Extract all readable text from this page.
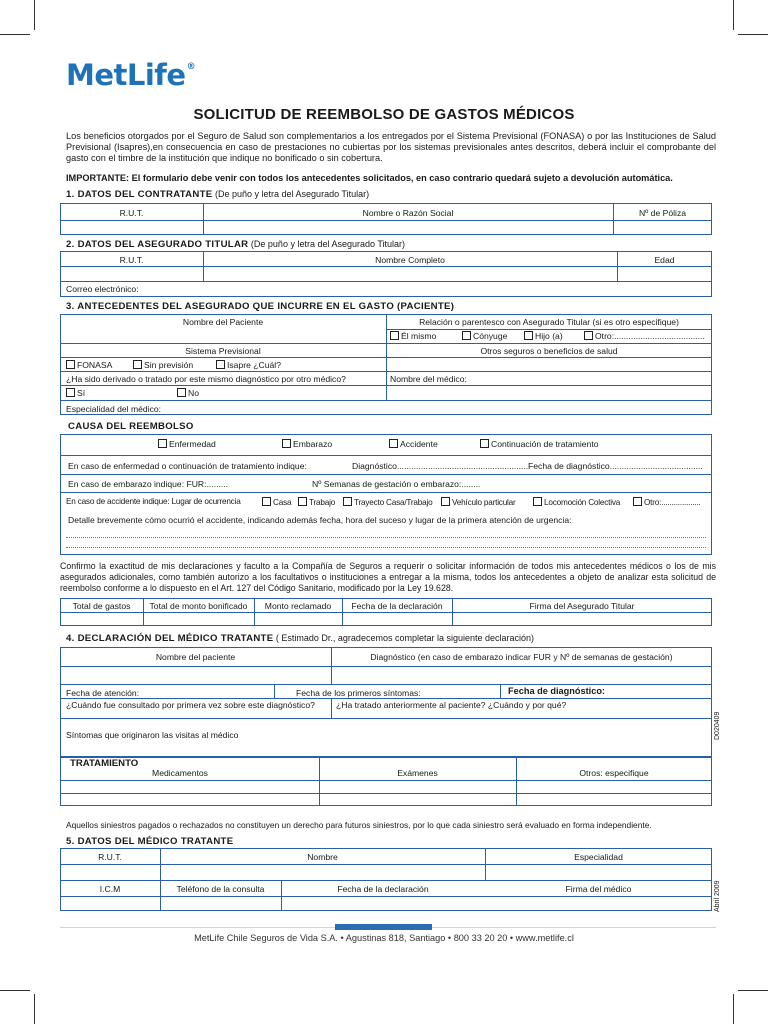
MetLife®
SOLICITUD DE REEMBOLSO DE GASTOS MÉDICOS
Los beneficios otorgados por el Seguro de Salud son complementarios a los entregados por el Sistema Previsional (FONASA) o por las Instituciones de Salud Previsional (Isapres),en consecuencia en caso de prestaciones no cubiertas por los sistemas previsionales antes descritos, deberá incluir el comprobante del gasto con el timbre de la institución que indique no bonificado o sin cobertura.
IMPORTANTE: El formulario debe venir con todos los antecedentes solicitados, en caso contrario quedará sujeto a devolución automática.
1. DATOS DEL CONTRATANTE (De puño y letra del Asegurado Titular)
R.U.T.	Nombre o Razón Social	Nº de Póliza
2. DATOS DEL ASEGURADO TITULAR (De puño y letra del Asegurado Titular)
R.U.T.	Nombre Completo	Edad
Correo electrónico:
3. ANTECEDENTES DEL ASEGURADO QUE INCURRE EN EL GASTO (PACIENTE)
Nombre del Paciente	Relación o parentesco con Asegurado Titular (si es otro especifique)
Él mismo	Cónyuge	Hijo (a)	Otro:......................................
Sistema Previsional	Otros seguros o beneficios de salud
FONASA	Sin previsión	Isapre ¿Cuál?
¿Ha sido derivado o tratado por este mismo diagnóstico por otro médico?	Nombre del médico:
Sí	No
Especialidad del médico:
CAUSA DEL REEMBOLSO
Enfermedad	Embarazo	Accidente	Continuación de tratamiento
En caso de enfermedad o continuación de tratamiento indique:	Diagnóstico....................................................... Fecha de diagnóstico.......................................
En caso de embarazo indique: FUR:.........	Nº Semanas de gestación o embarazo:........
En caso de accidente indique: Lugar de ocurrencia	Casa	Trabajo	Trayecto Casa/Trabajo	Vehículo particular	Locomoción Colectiva	Otro:...................
Detalle brevemente cómo ocurrió el accidente, indicando además fecha, hora del suceso y lugar de la primera atención de urgencia:
Confirmo la exactitud de mis declaraciones y faculto a la Compañía de Seguros a requerir o solicitar información de todos mis antecedentes médicos o los de mis asegurados adicionales, como también autorizo a los facultativos o instituciones a entregar a la misma, todos los antecedentes a objeto de analizar esta solicitud de reembolso conforme a lo dispuesto en el Art. 127 del Código Sanitario, modificado por la Ley 19.628.
Total de gastos	Total de monto bonificado	Monto reclamado	Fecha de la declaración	Firma del Asegurado Titular
4. DECLARACIÓN DEL MÉDICO TRATANTE ( Estimado Dr., agradecemos completar la siguiente declaración)
Nombre del paciente	Diagnóstico (en caso de embarazo indicar FUR y Nº de semanas de gestación)
Fecha de atención:	Fecha de los primeros síntomas:	Fecha de diagnóstico:
¿Cuándo fue consultado por primera vez sobre este diagnóstico? ¿Ha tratado anteriormente al paciente? ¿Cuándo y por qué?
Síntomas que originaron las visitas al médico
TRATAMIENTO
Medicamentos	Exámenes	Otros: especifique
Aquellos siniestros pagados o rechazados no constituyen un derecho para futuros siniestros, por lo que cada siniestro será evaluado en forma independiente.
5. DATOS DEL MÉDICO TRATANTE
R.U.T.	Nombre	Especialidad
I.C.M	Teléfono de la consulta	Fecha de la declaración	Firma del médico
D020409
Abril 2009
MetLife Chile Seguros de Vida S.A. • Agustinas 818, Santiago • 800 33 20 20 • www.metlife.cl
